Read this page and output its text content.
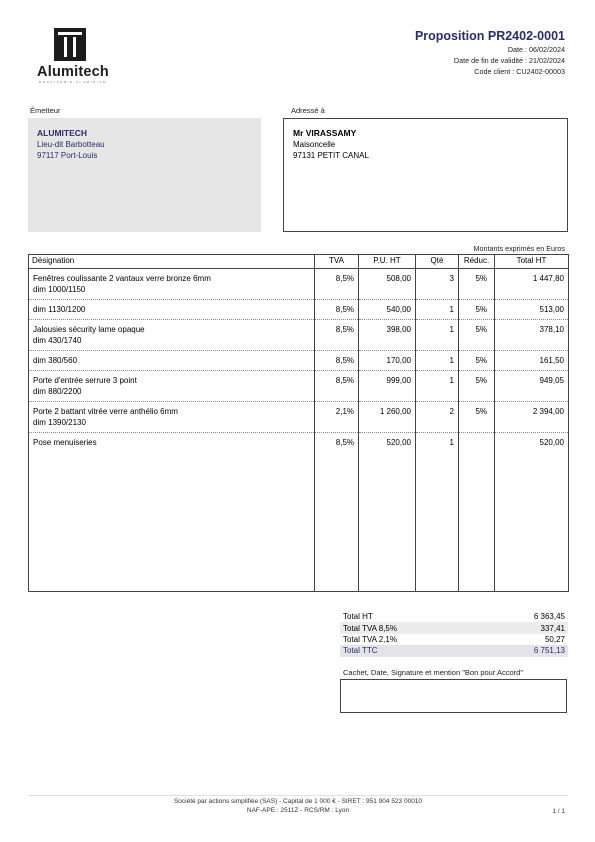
Alumitech
MENUISERIE ALUMINIUM
Proposition PR2402-0001
Date : 06/02/2024
Date de fin de validité : 21/02/2024
Code client : CU2402-00003
Émetteur	Adressé à
ALUMITECH
Lieu-dit Barbotteau
97117 Port-Louis
Mr VIRASSAMY
Maisoncelle
97131 PETIT CANAL
Montants exprimés en Euros
Désignation	TVA	P.U. HT	Qté	Réduc.	Total HT

Fenêtres coulissante 2 vantaux verre bronze 6mm
dim 1000/1150	8,5%	508,00	3	5%	1 447,80

dim 1130/1200	8,5%	540,00	1	5%	513,00

Jalousies sécurity lame opaque
dim 430/1740	8,5%	398,00	1	5%	378,10

dim 380/560	8,5%	170,00	1	5%	161,50

Porte d'entrée serrure 3 point
dim 880/2200	8,5%	999,00	1	5%	949,05

Porte 2 battant vitrée verre anthélio 6mm
dim 1390/2130	2,1%	1 260,00	2	5%	2 394,00

Pose menuiseries	8,5%	520,00	1		520,00
Total HT	6 363,45
Total TVA 8,5%	337,41
Total TVA 2,1%	50,27
Total TTC	6 751,13
Cachet, Date, Signature et mention "Bon pour Accord"
Société par actions simplifiée (SAS) - Capital de 1 000 € - SIRET : 951 904 523 00010
NAF-APE : 2511Z - RCS/RM : Lyon	1 / 1
